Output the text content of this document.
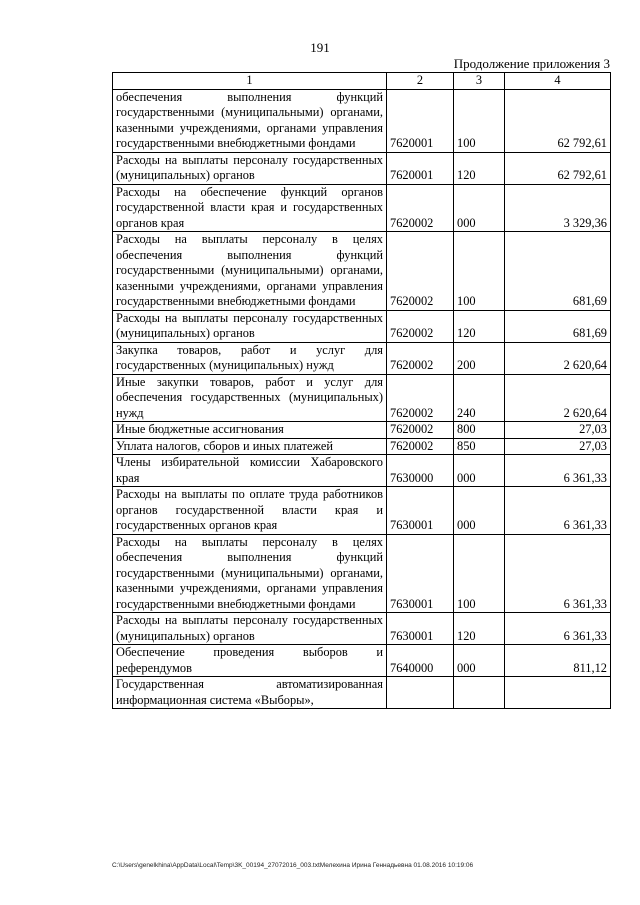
191
Продолжение приложения 3
1	2	3	4
обеспечения выполнения функций государственными (муниципальными) органами, казенными учреждениями, органами управления государственными внебюджетными фондами	7620001	100	62 792,61
Расходы на выплаты персоналу государственных (муниципальных) органов	7620001	120	62 792,61
Расходы на обеспечение функций органов государственной власти края и государственных органов края	7620002	000	3 329,36
Расходы на выплаты персоналу в целях обеспечения выполнения функций государственными (муниципальными) органами, казенными учреждениями, органами управления государственными внебюджетными фондами	7620002	100	681,69
Расходы на выплаты персоналу государственных (муниципальных) органов	7620002	120	681,69
Закупка товаров, работ и услуг для государственных (муниципальных) нужд	7620002	200	2 620,64
Иные закупки товаров, работ и услуг для обеспечения государственных (муниципальных) нужд	7620002	240	2 620,64
Иные бюджетные ассигнования	7620002	800	27,03
Уплата налогов, сборов и иных платежей	7620002	850	27,03
Члены избирательной комиссии Хабаровского края	7630000	000	6 361,33
Расходы на выплаты по оплате труда работников органов государственной власти края и государственных органов края	7630001	000	6 361,33
Расходы на выплаты персоналу в целях обеспечения выполнения функций государственными (муниципальными) органами, казенными учреждениями, органами управления государственными внебюджетными фондами	7630001	100	6 361,33
Расходы на выплаты персоналу государственных (муниципальных) органов	7630001	120	6 361,33
Обеспечение проведения выборов и референдумов	7640000	000	811,12
Государственная автоматизированная информационная система «Выборы»,			
C:\Users\genelkhina\AppData\Local\Temp\3K_00194_27072016_003.txtМелехина Ирина Геннадьевна 01.08.2016 10:19:06
